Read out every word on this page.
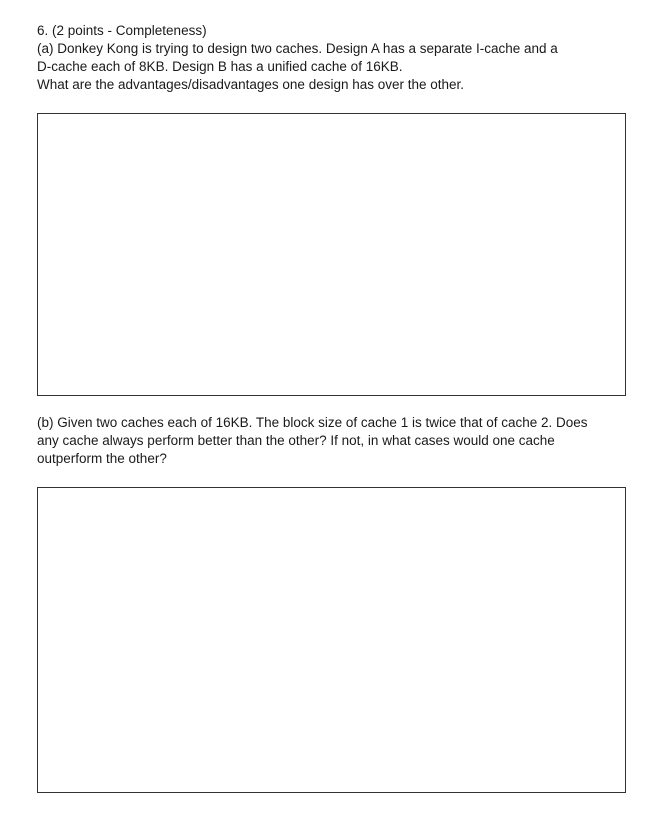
6. (2 points - Completeness)

(a) Donkey Kong is trying to design two caches. Design A has a separate I-cache and a

D-cache each of 8KB. Design B has a unified cache of 16KB.

What are the advantages/disadvantages one design has over the other.

(b) Given two caches each of 16KB. The block size of cache 1 is twice that of cache 2. Does

any cache always perform better than the other? If not, in what cases would one cache

outperform the other?
